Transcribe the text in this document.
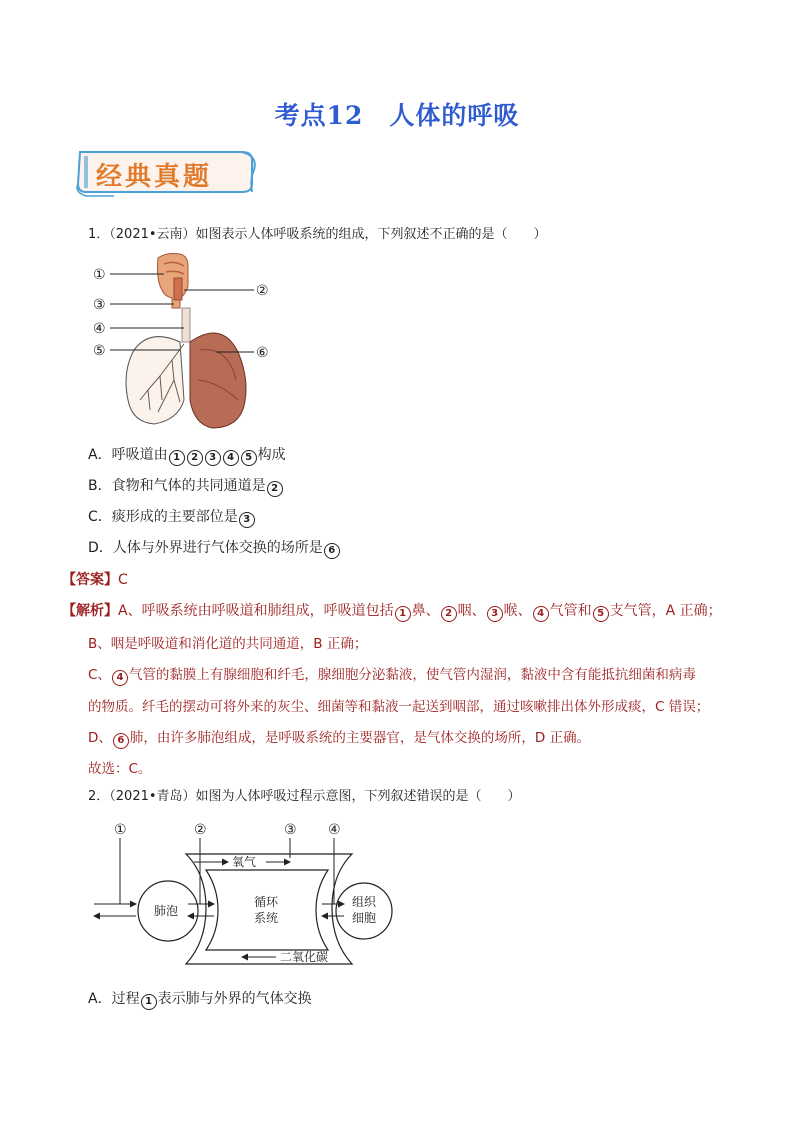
考点12 人体的呼吸
经典真题
1．（2021•云南）如图表示人体呼吸系统的组成，下列叙述不正确的是（　　）
①
②
③
④
⑤	⑥
A．呼吸道由 1 2 3 4 5 构成
B．食物和气体的共同通道是 2
C．痰形成的主要部位是 3
D．人体与外界进行气体交换的场所是 6
【答案】C
【解析】A、呼吸系统由呼吸道和肺组成，呼吸道包括 1 鼻、 2 咽、 3 喉、 4 气管和 5 支气管，A 正确；
B、咽是呼吸道和消化道的共同通道，B 正确；
C、 4 气管的黏膜上有腺细胞和纤毛，腺细胞分泌黏液，使气管内湿润，黏液中含有能抵抗细菌和病毒
的物质。纤毛的摆动可将外来的灰尘、细菌等和黏液一起送到咽部，通过咳嗽排出体外形成痰，C 错误；
D、 6 肺，由许多肺泡组成，是呼吸系统的主要器官，是气体交换的场所，D 正确。
故选：C。
2．（2021•青岛）如图为人体呼吸过程示意图，下列叙述错误的是（　　）
①	②	③ ④
肺泡
循环
系统
组织
细胞
氧气
二氧化碳
A．过程 1 表示肺与外界的气体交换
